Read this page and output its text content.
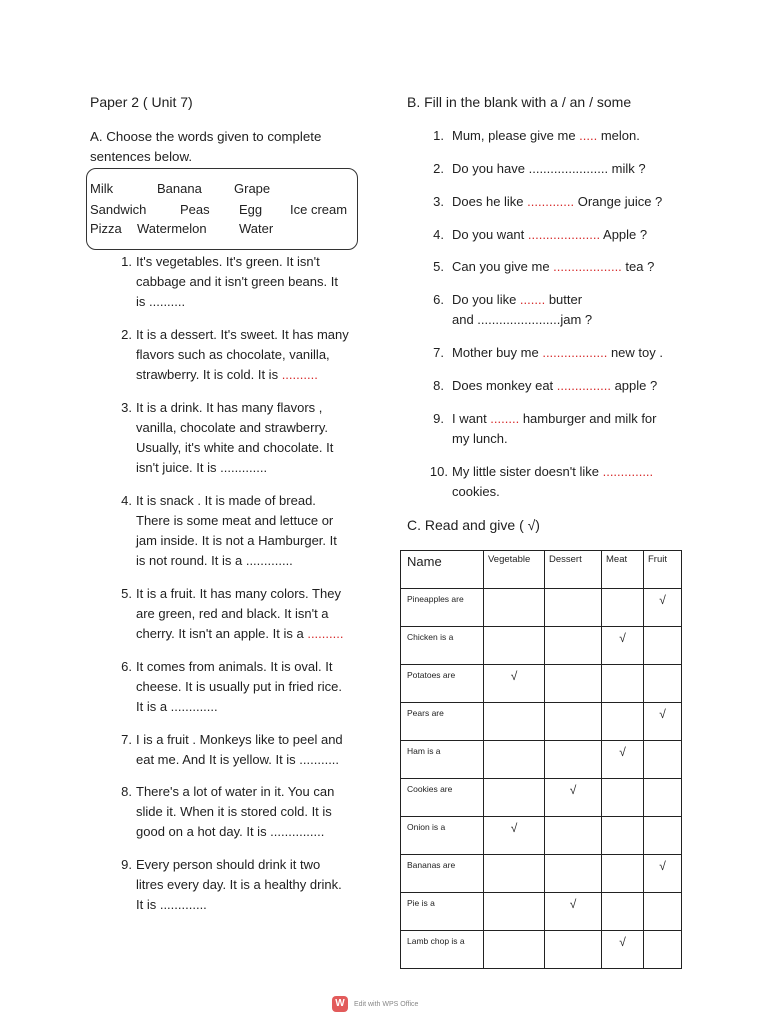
Paper 2 ( Unit 7)
A. Choose the words given to complete
sentences below.
Milk	Banana Grape
Sandwich	Peas Egg Ice cream
Pizza Watermelon Water
1. It's vegetables. It's green. It isn't
cabbage and it isn't green beans. It
is ..........
2. It is a dessert. It's sweet. It has many
flavors such as chocolate, vanilla,
strawberry. It is cold. It is ..........
3. It is a drink. It has many flavors ,
vanilla, chocolate and strawberry.
Usually, it's white and chocolate. It
isn't juice. It is .............
4. It is snack . It is made of bread.
There is some meat and lettuce or
jam inside. It is not a Hamburger. It
is not round. It is a .............
5. It is a fruit. It has many colors. They
are green, red and black. It isn't a
cherry. It isn't an apple. It is a ..........
6. It comes from animals. It is oval. It
cheese. It is usually put in fried rice.
It is a .............
7. I is a fruit . Monkeys like to peel and
eat me. And It is yellow. It is ...........
8. There's a lot of water in it. You can
slide it. When it is stored cold. It is
good on a hot day. It is ...............
9. Every person should drink it two
litres every day. It is a healthy drink.
It is .............
B. Fill in the blank with a / an / some
1. Mum, please give me ..... melon.
2. Do you have ...................... milk ?
3. Does he like ............. Orange juice ?
4. Do you want .................... Apple ?
5. Can you give me ................... tea ?
6. Do you like ....... butter
and .......................jam ?
7. Mother buy me .................. new toy .
8. Does monkey eat ............... apple ?
9. I want ........ hamburger and milk for
my lunch.
10. My little sister doesn't like ..............
cookies.
C. Read and give ( √)
Name	Vegetable	Dessert	Meat	Fruit
Pineapples are				√
Chicken is a			√	
Potatoes are	√			
Pears are				√
Ham is a			√	
Cookies are		√		
Onion is a	√			
Bananas are				√
Pie is a		√		
Lamb chop is a			√	
W	Edit with WPS Office
